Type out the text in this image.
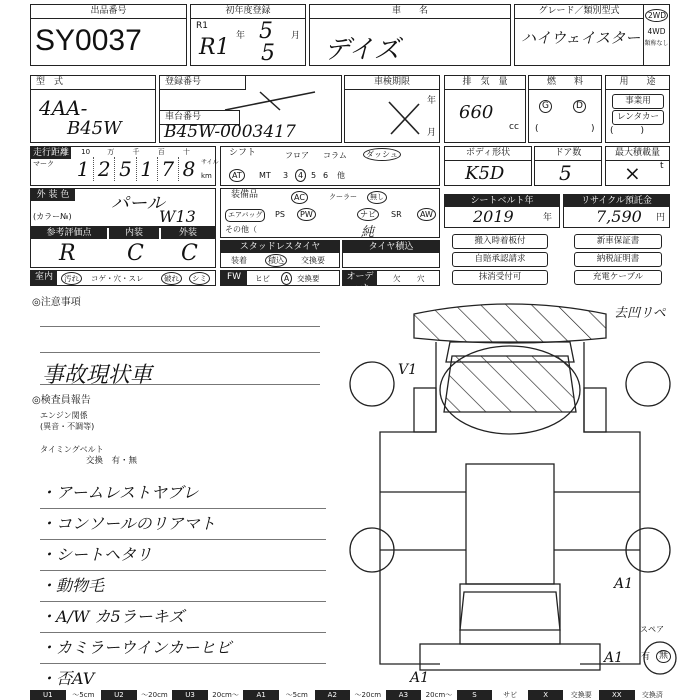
出品番号
SY0037
初年度登録
R1
年	月
R1
5
5
車　　名
デイズ
グレード／類別型式
ハイウェイスター
2WD
4WD
類称なし
型　式
4AA-
B45W
登録番号
車台番号
B45W-0003417
車検期限
年
月
排　気　量
660
cc
燃　　料
G	D
(	)
用　　途
事業用
レンタカー
(　　　)
走行距離
マーク
10	万	千	百	十
1 2 5 1 7 8 サイル
km
シフト	フロア コラム	ダッシュ
AT	MT 3	4 5 6 他
ボディ形状
K5D
ドア数
5
最大積載量
× t
外 装 色	パール
(カラー№)	W13
装備品	AC	クーラー	無し
エアバッグ	PS	PW	ナビ	SR	AW
その他（	純
シートベルト年
2019	年
リサイクル預託金
7,590 円
参考評価点	内装	外装
R C C	スタッドレスタイヤ
装着	積込	交換要
タイヤ積込
搬入時着板付
自賠承認請求
抹消受付可
新車保証書
納税証明書
充電ケーブル
室内	汚れ	コゲ・穴・スレ	破れ	シミ	FW	ヒビ	A	交換要	オーディオ
欠 穴
◎注意事項
事故現状車
◎検査員報告
エンジン関係
(異音・不調等)
タイミングベルト
交換　有・無
・アームレストヤブレ
・コンソールのリアマト
・シートヘタリ
・動物毛
・A/W カ5ラーキズ
・カミラーウインカーヒビ
・否AV
去凹リペ
V1
A1
A1
A1
スペア
有 無
U1	～5cm	U2	～20cm	U3	20cm～	A1	～5cm	A2	～20cm	A3	20cm～	S	サビ	X	交換要	XX	交換済
